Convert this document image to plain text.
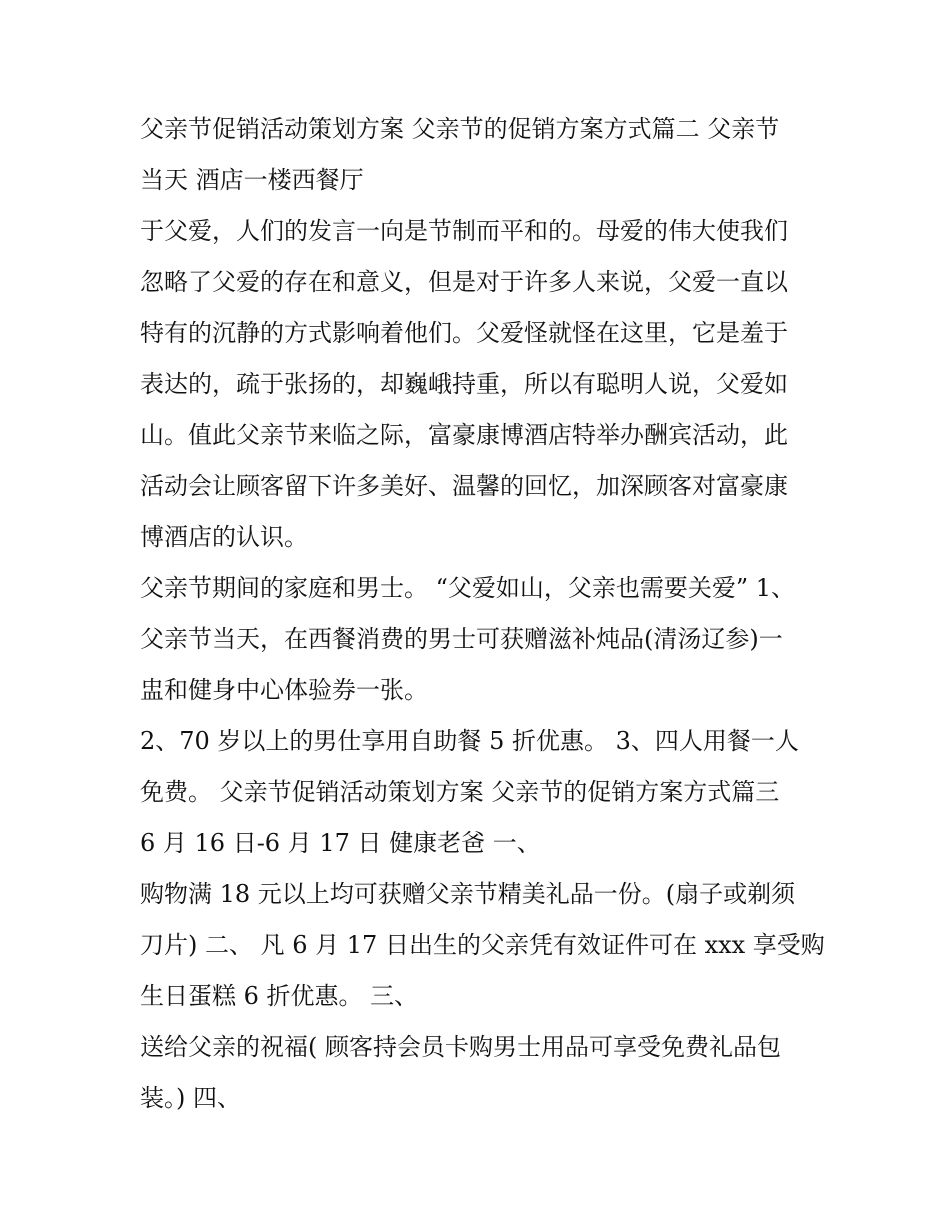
父亲节促销活动策划方案 父亲节的促销方案方式篇二 父亲节
当天 酒店一楼西餐厅
于父爱，人们的发言一向是节制而平和的。母爱的伟大使我们
忽略了父爱的存在和意义，但是对于许多人来说，父爱一直以
特有的沉静的方式影响着他们。父爱怪就怪在这里，它是羞于
表达的，疏于张扬的，却巍峨持重，所以有聪明人说，父爱如
山。值此父亲节来临之际，富豪康博酒店特举办酬宾活动，此
活动会让顾客留下许多美好、温馨的回忆，加深顾客对富豪康
博酒店的认识。
父亲节期间的家庭和男士。 “父爱如山，父亲也需要关爱” 1、
父亲节当天，在西餐消费的男士可获赠滋补炖品(清汤辽参)一
盅和健身中心体验券一张。
2、70 岁以上的男仕享用自助餐 5 折优惠。 3、四人用餐一人
免费。 父亲节促销活动策划方案 父亲节的促销方案方式篇三
6 月 16 日-6 月 17 日 健康老爸 一、
购物满 18 元以上均可获赠父亲节精美礼品一份。(扇子或剃须
刀片) 二、 凡 6 月 17 日出生的父亲凭有效证件可在 xxx 享受购
生日蛋糕 6 折优惠。 三、
送给父亲的祝福( 顾客持会员卡购男士用品可享受免费礼品包
装。) 四、
